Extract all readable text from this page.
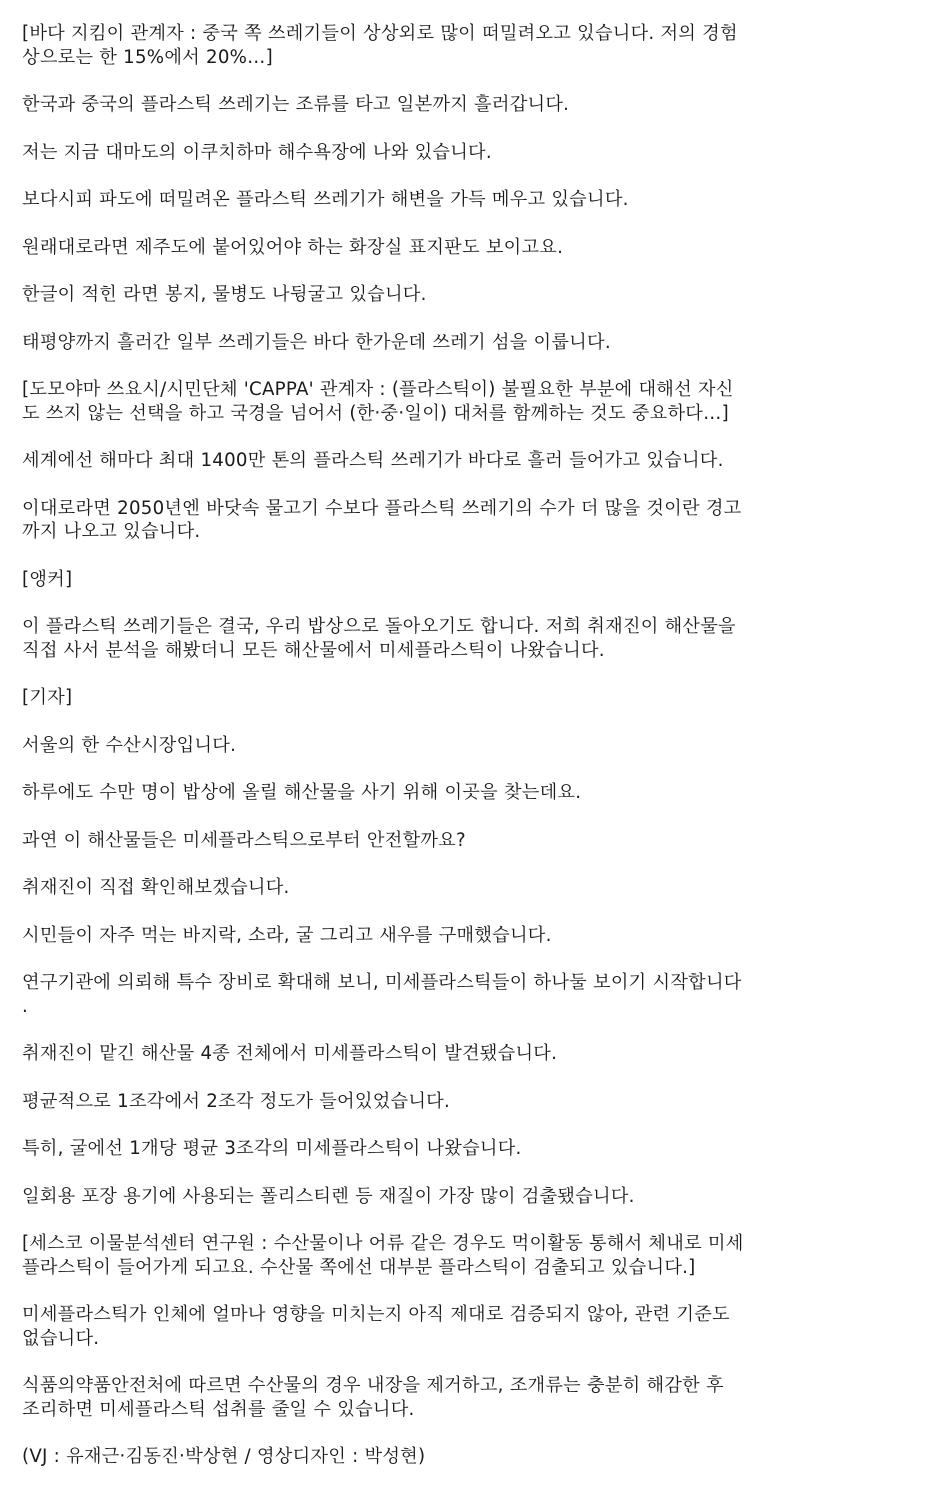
[바다 지킴이 관계자 : 중국 쪽 쓰레기들이 상상외로 많이 떠밀려오고 있습니다. 저의 경험
상으로는 한 15%에서 20%…]

한국과 중국의 플라스틱 쓰레기는 조류를 타고 일본까지 흘러갑니다.

저는 지금 대마도의 이쿠치하마 해수욕장에 나와 있습니다.

보다시피 파도에 떠밀려온 플라스틱 쓰레기가 해변을 가득 메우고 있습니다.

원래대로라면 제주도에 붙어있어야 하는 화장실 표지판도 보이고요.

한글이 적힌 라면 봉지, 물병도 나뒹굴고 있습니다.

태평양까지 흘러간 일부 쓰레기들은 바다 한가운데 쓰레기 섬을 이룹니다.

[도모야마 쓰요시/시민단체 'CAPPA' 관계자 : (플라스틱이) 불필요한 부분에 대해선 자신
도 쓰지 않는 선택을 하고 국경을 넘어서 (한·중·일이) 대처를 함께하는 것도 중요하다…]

세계에선 해마다 최대 1400만 톤의 플라스틱 쓰레기가 바다로 흘러 들어가고 있습니다.

이대로라면 2050년엔 바닷속 물고기 수보다 플라스틱 쓰레기의 수가 더 많을 것이란 경고
까지 나오고 있습니다.

[앵커]

이 플라스틱 쓰레기들은 결국, 우리 밥상으로 돌아오기도 합니다. 저희 취재진이 해산물을
직접 사서 분석을 해봤더니 모든 해산물에서 미세플라스틱이 나왔습니다.

[기자]

서울의 한 수산시장입니다.

하루에도 수만 명이 밥상에 올릴 해산물을 사기 위해 이곳을 찾는데요.

과연 이 해산물들은 미세플라스틱으로부터 안전할까요?

취재진이 직접 확인해보겠습니다.

시민들이 자주 먹는 바지락, 소라, 굴 그리고 새우를 구매했습니다.

연구기관에 의뢰해 특수 장비로 확대해 보니, 미세플라스틱들이 하나둘 보이기 시작합니다
.

취재진이 맡긴 해산물 4종 전체에서 미세플라스틱이 발견됐습니다.

평균적으로 1조각에서 2조각 정도가 들어있었습니다.

특히, 굴에선 1개당 평균 3조각의 미세플라스틱이 나왔습니다.

일회용 포장 용기에 사용되는 폴리스티렌 등 재질이 가장 많이 검출됐습니다.

[세스코 이물분석센터 연구원 : 수산물이나 어류 같은 경우도 먹이활동 통해서 체내로 미세
플라스틱이 들어가게 되고요. 수산물 쪽에선 대부분 플라스틱이 검출되고 있습니다.]

미세플라스틱가 인체에 얼마나 영향을 미치는지 아직 제대로 검증되지 않아, 관련 기준도
없습니다.

식품의약품안전처에 따르면 수산물의 경우 내장을 제거하고, 조개류는 충분히 해감한 후
조리하면 미세플라스틱 섭취를 줄일 수 있습니다.

(VJ : 유재근·김동진·박상현 / 영상디자인 : 박성현)
